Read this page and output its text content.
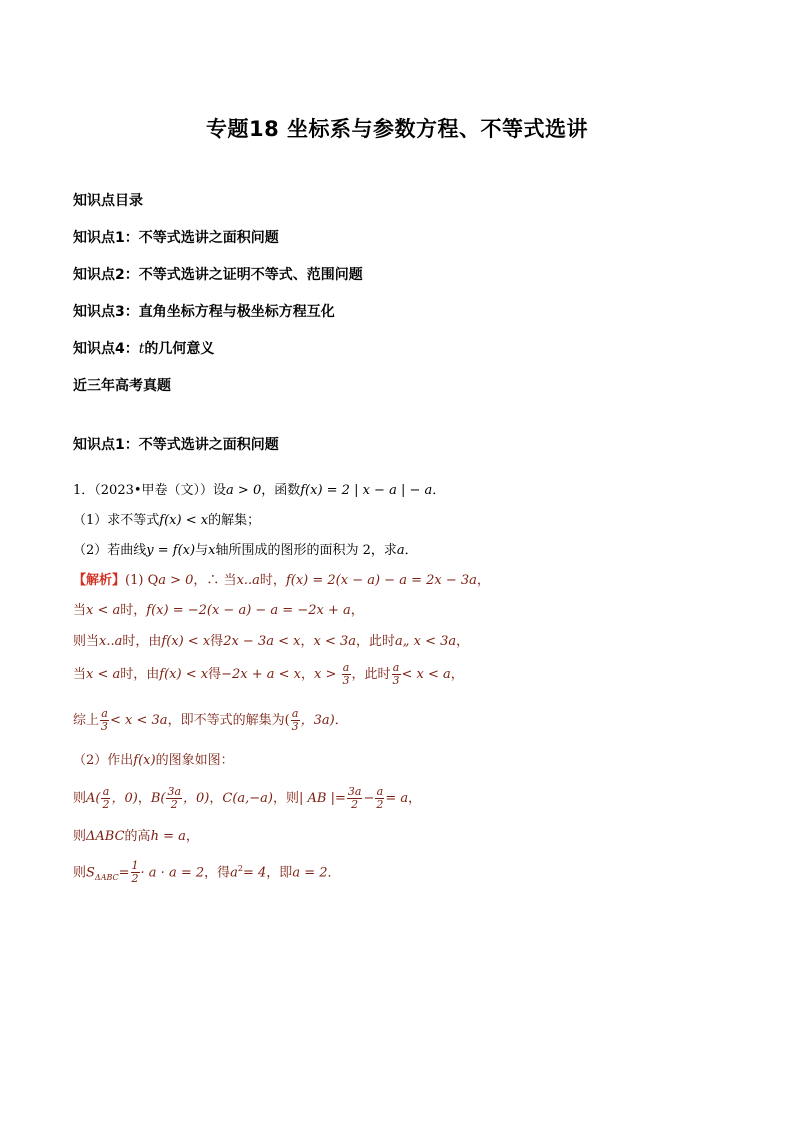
专题18 坐标系与参数方程、不等式选讲
知识点目录
知识点1：不等式选讲之面积问题
知识点2：不等式选讲之证明不等式、范围问题
知识点3：直角坐标方程与极坐标方程互化
知识点4：t的几何意义
近三年高考真题
知识点1：不等式选讲之面积问题
1．（2023•甲卷（文））设a > 0，函数f(x) = 2 | x − a | − a．
（1）求不等式f(x) < x的解集；
（2）若曲线y = f(x)与x轴所围成的图形的面积为 2，求a．
【解析】(1) Qa > 0，∴ 当x..a时，f(x) = 2(x − a) − a = 2x − 3a，
当x < a时，f(x) = −2(x − a) − a = −2x + a，
则当x..a时，由f(x) < x得2x − 3a < x，x < 3a，此时a„ x < 3a，
当x < a时，由f(x) < x得−2x + a < x，$x > \frac{a}{3}$ ，此时 $\frac{a}{3} < x < a$，
综上 $\frac{a}{3} < x < 3a$，即不等式的解集为( $\frac{a}{3}$ ，3a)．
（2）作出f(x)的图象如图：
则$A( \frac{a}{2}$ ，0)，$B( \frac{3a}{2}$ ，0)，C(a,−a)，则| AB |= $\frac{3a}{2} - \frac{a}{2} = a$，
则ΔABC的高h = a，
则$S_{\Delta ABC}= \frac{1}{2} \cdot a \cdot a = 2$，得$a^2= 4$，即a = 2．
